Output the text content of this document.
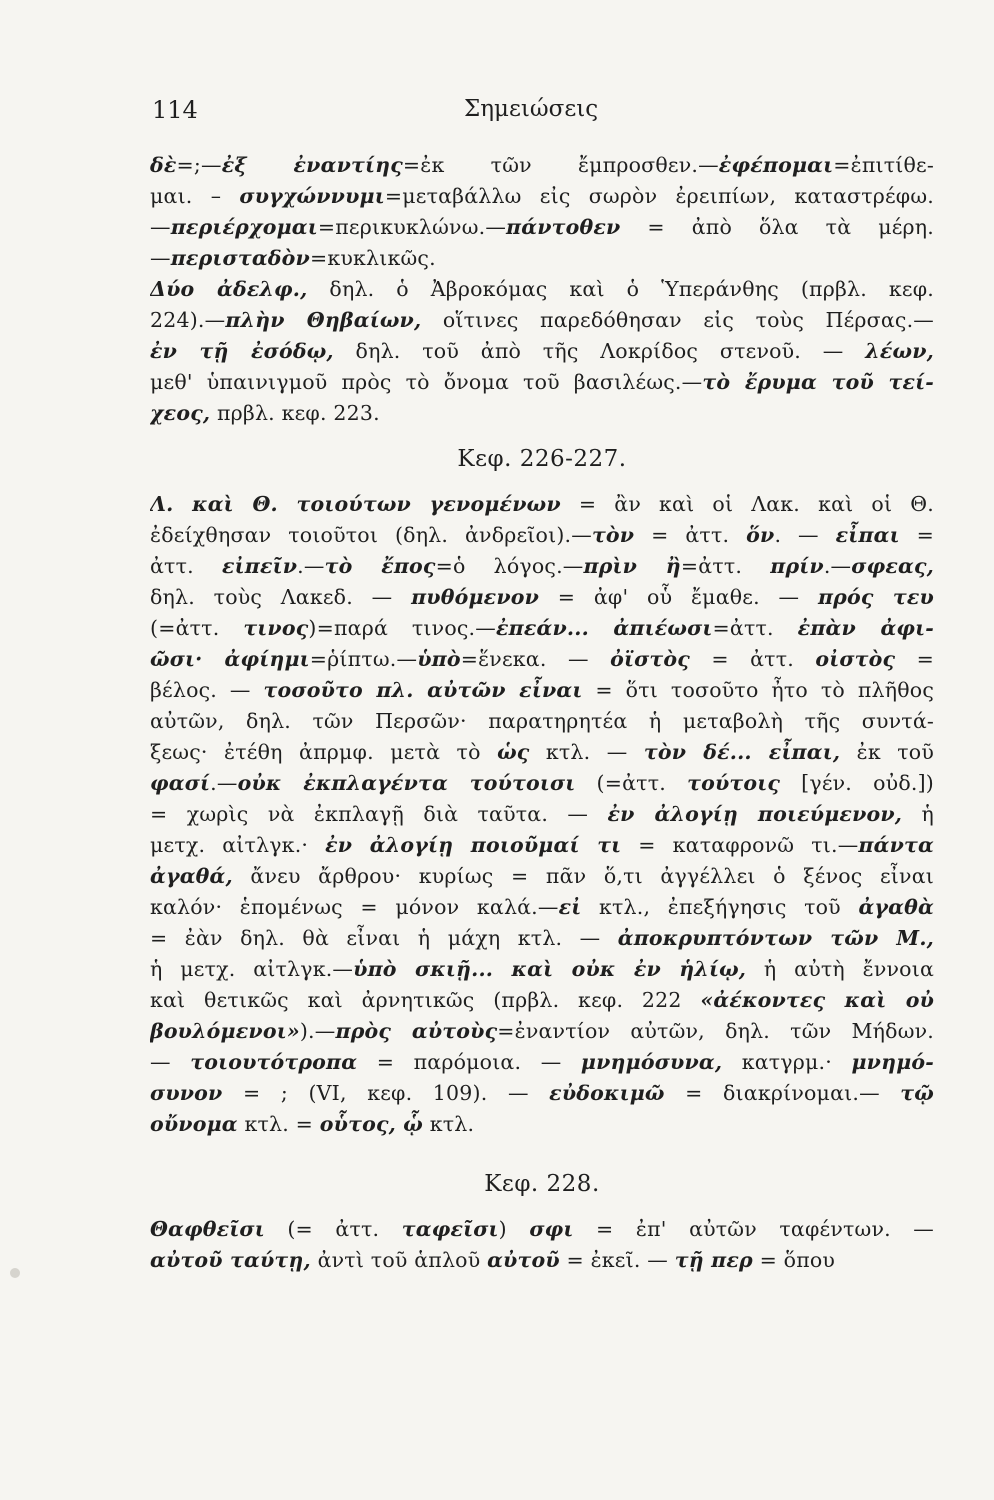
114	Σημειώσεις
δὲ=;—ἐξ ἐναντίης=ἐκ τῶν ἔμπροσθεν.—ἐφέπομαι=ἐπιτίθε-
μαι. – συγχώννυμι=μεταβάλλω εἰς σωρὸν ἐρειπίων, καταστρέφω.
—περιέρχομαι=περικυκλώνω.—πάντοθεν = ἀπὸ ὅλα τὰ μέρη.
—περισταδὸν=κυκλικῶς.
Δύο ἀδελφ., δηλ. ὁ Ἀβροκόμας καὶ ὁ Ὑπεράνθης (πρβλ. κεφ.
224).—πλὴν Θηβαίων, οἵτινες παρεδόθησαν εἰς τοὺς Πέρσας.—
ἐν τῇ ἐσόδῳ, δηλ. τοῦ ἀπὸ τῆς Λοκρίδος στενοῦ. — λέων,
μεθ' ὑπαινιγμοῦ πρὸς τὸ ὄνομα τοῦ βασιλέως.—τὸ ἔρυμα τοῦ τεί-
χεος, πρβλ. κεφ. 223.
Κεφ. 226-227.
Λ. καὶ Θ. τοιούτων γενομένων = ἂν καὶ οἱ Λακ. καὶ οἱ Θ.
ἐδείχθησαν τοιοῦτοι (δηλ. ἀνδρεῖοι).—τὸν = ἀττ. ὅν. — εἶπαι =
ἀττ. εἰπεῖν.—τὸ ἔπος=ὁ λόγος.—πρὶν ἢ=ἀττ. πρίν.—σφεας,
δηλ. τοὺς Λακεδ. — πυθόμενον = ἀφ' οὗ ἔμαθε. — πρός τευ
(=ἀττ. τινος)=παρά τινος.—ἐπεάν... ἀπιέωσι=ἀττ. ἐπὰν ἀφι-
ῶσι· ἀφίημι=ῥίπτω.—ὑπὸ=ἕνεκα. — ὀϊστὸς = ἀττ. οἰστὸς =
βέλος. — τοσοῦτο πλ. αὐτῶν εἶναι = ὅτι τοσοῦτο ἦτο τὸ πλῆθος
αὐτῶν, δηλ. τῶν Περσῶν· παρατηρητέα ἡ μεταβολὴ τῆς συντά-
ξεως· ἐτέθη ἀπρμφ. μετὰ τὸ ὡς κτλ. — τὸν δέ... εἶπαι, ἐκ τοῦ
φασί.—οὐκ ἐκπλαγέντα τούτοισι (=ἀττ. τούτοις [γέν. οὐδ.])
= χωρὶς νὰ ἐκπλαγῇ διὰ ταῦτα. — ἐν ἀλογίῃ ποιεύμενον, ἡ
μετχ. αἰτλγκ.· ἐν ἀλογίῃ ποιοῦμαί τι = καταφρονῶ τι.—πάντα
ἀγαθά, ἄνευ ἄρθρου· κυρίως = πᾶν ὅ,τι ἀγγέλλει ὁ ξένος εἶναι
καλόν· ἑπομένως = μόνον καλά.—εἰ κτλ., ἐπεξήγησις τοῦ ἀγαθὰ
= ἐὰν δηλ. θὰ εἶναι ἡ μάχη κτλ. — ἀποκρυπτόντων τῶν Μ.,
ἡ μετχ. αἰτλγκ.—ὑπὸ σκιῇ... καὶ οὐκ ἐν ἡλίῳ, ἡ αὐτὴ ἔννοια
καὶ θετικῶς καὶ ἀρνητικῶς (πρβλ. κεφ. 222 «ἀέκοντες καὶ οὐ
βουλόμενοι»).—πρὸς αὐτοὺς=ἐναντίον αὐτῶν, δηλ. τῶν Μήδων.
— τοιουτότροπα = παρόμοια. — μνημόσυνα, κατγρμ.· μνημό-
συνον = ; (VI, κεφ. 109). — εὐδοκιμῶ = διακρίνομαι.— τῷ
οὔνομα κτλ. = οὗτος, ᾧ κτλ.
Κεφ. 228.
Θαφθεῖσι (= ἀττ. ταφεῖσι) σφι = ἐπ' αὐτῶν ταφέντων. —
αὐτοῦ ταύτῃ, ἀντὶ τοῦ ἁπλοῦ αὐτοῦ = ἐκεῖ. — τῇ περ = ὅπου
